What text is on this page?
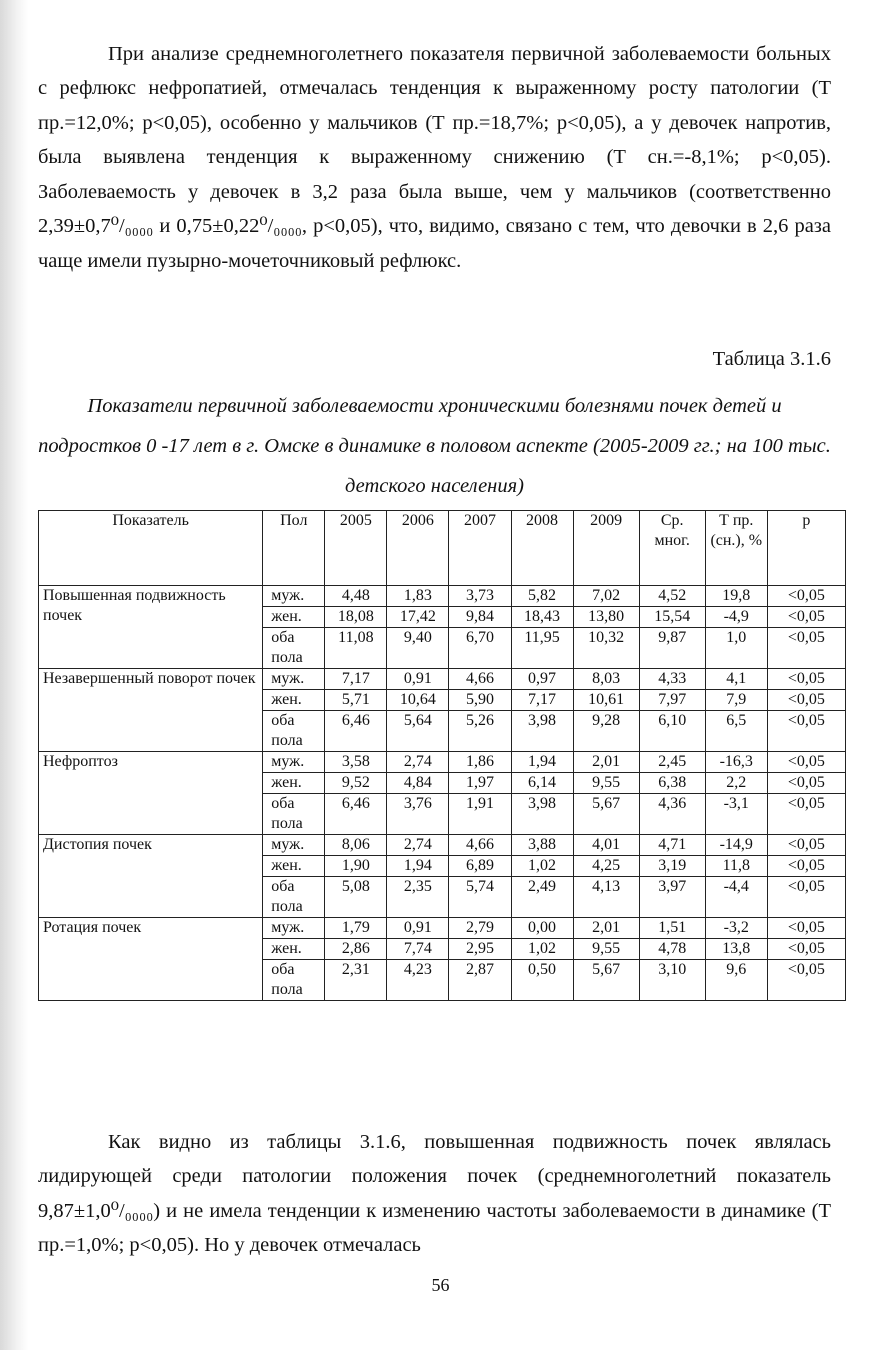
При анализе среднемноголетнего показателя первичной заболеваемости больных с рефлюкс нефропатией, отмечалась тенденция к выраженному росту патологии (Т пр.=12,0%; р<0,05), особенно у мальчиков (Т пр.=18,7%; р<0,05), а у девочек напротив, была выявлена тенденция к выраженному снижению (Т сн.=-8,1%; р<0,05). Заболеваемость у девочек в 3,2 раза была выше, чем у мальчиков (соответственно 2,39±0,7⁰/₀₀₀₀ и 0,75±0,22⁰/₀₀₀₀, р<0,05), что, видимо, связано с тем, что девочки в 2,6 раза чаще имели пузырно-мочеточниковый рефлюкс.

Таблица 3.1.6
Показатели первичной заболеваемости хроническими болезнями почек детей и подростков 0 -17 лет в г. Омске в динамике в половом аспекте (2005-2009 гг.; на 100 тыс. детского населения)
Показатель	Пол	2005	2006	2007	2008	2009	Ср. мног.	Т пр. (сн.), %	р
Повышенная подвижность почек	муж.	4,48	1,83	3,73	5,82	7,02	4,52	19,8	<0,05
	жен.	18,08	17,42	9,84	18,43	13,80	15,54	-4,9	<0,05
	оба пола	11,08	9,40	6,70	11,95	10,32	9,87	1,0	<0,05
Незавершенный поворот почек	муж.	7,17	0,91	4,66	0,97	8,03	4,33	4,1	<0,05
	жен.	5,71	10,64	5,90	7,17	10,61	7,97	7,9	<0,05
	оба пола	6,46	5,64	5,26	3,98	9,28	6,10	6,5	<0,05
Нефроптоз	муж.	3,58	2,74	1,86	1,94	2,01	2,45	-16,3	<0,05
	жен.	9,52	4,84	1,97	6,14	9,55	6,38	2,2	<0,05
	оба пола	6,46	3,76	1,91	3,98	5,67	4,36	-3,1	<0,05
Дистопия почек	муж.	8,06	2,74	4,66	3,88	4,01	4,71	-14,9	<0,05
	жен.	1,90	1,94	6,89	1,02	4,25	3,19	11,8	<0,05
	оба пола	5,08	2,35	5,74	2,49	4,13	3,97	-4,4	<0,05
Ротация почек	муж.	1,79	0,91	2,79	0,00	2,01	1,51	-3,2	<0,05
	жен.	2,86	7,74	2,95	1,02	9,55	4,78	13,8	<0,05
	оба пола	2,31	4,23	2,87	0,50	5,67	3,10	9,6	<0,05

Как видно из таблицы 3.1.6, повышенная подвижность почек являлась лидирующей среди патологии положения почек (среднемноголетний показатель 9,87±1,0⁰/₀₀₀₀) и не имела тенденции к изменению частоты заболеваемости в динамике (Т пр.=1,0%; р<0,05). Но у девочек отмечалась

56
